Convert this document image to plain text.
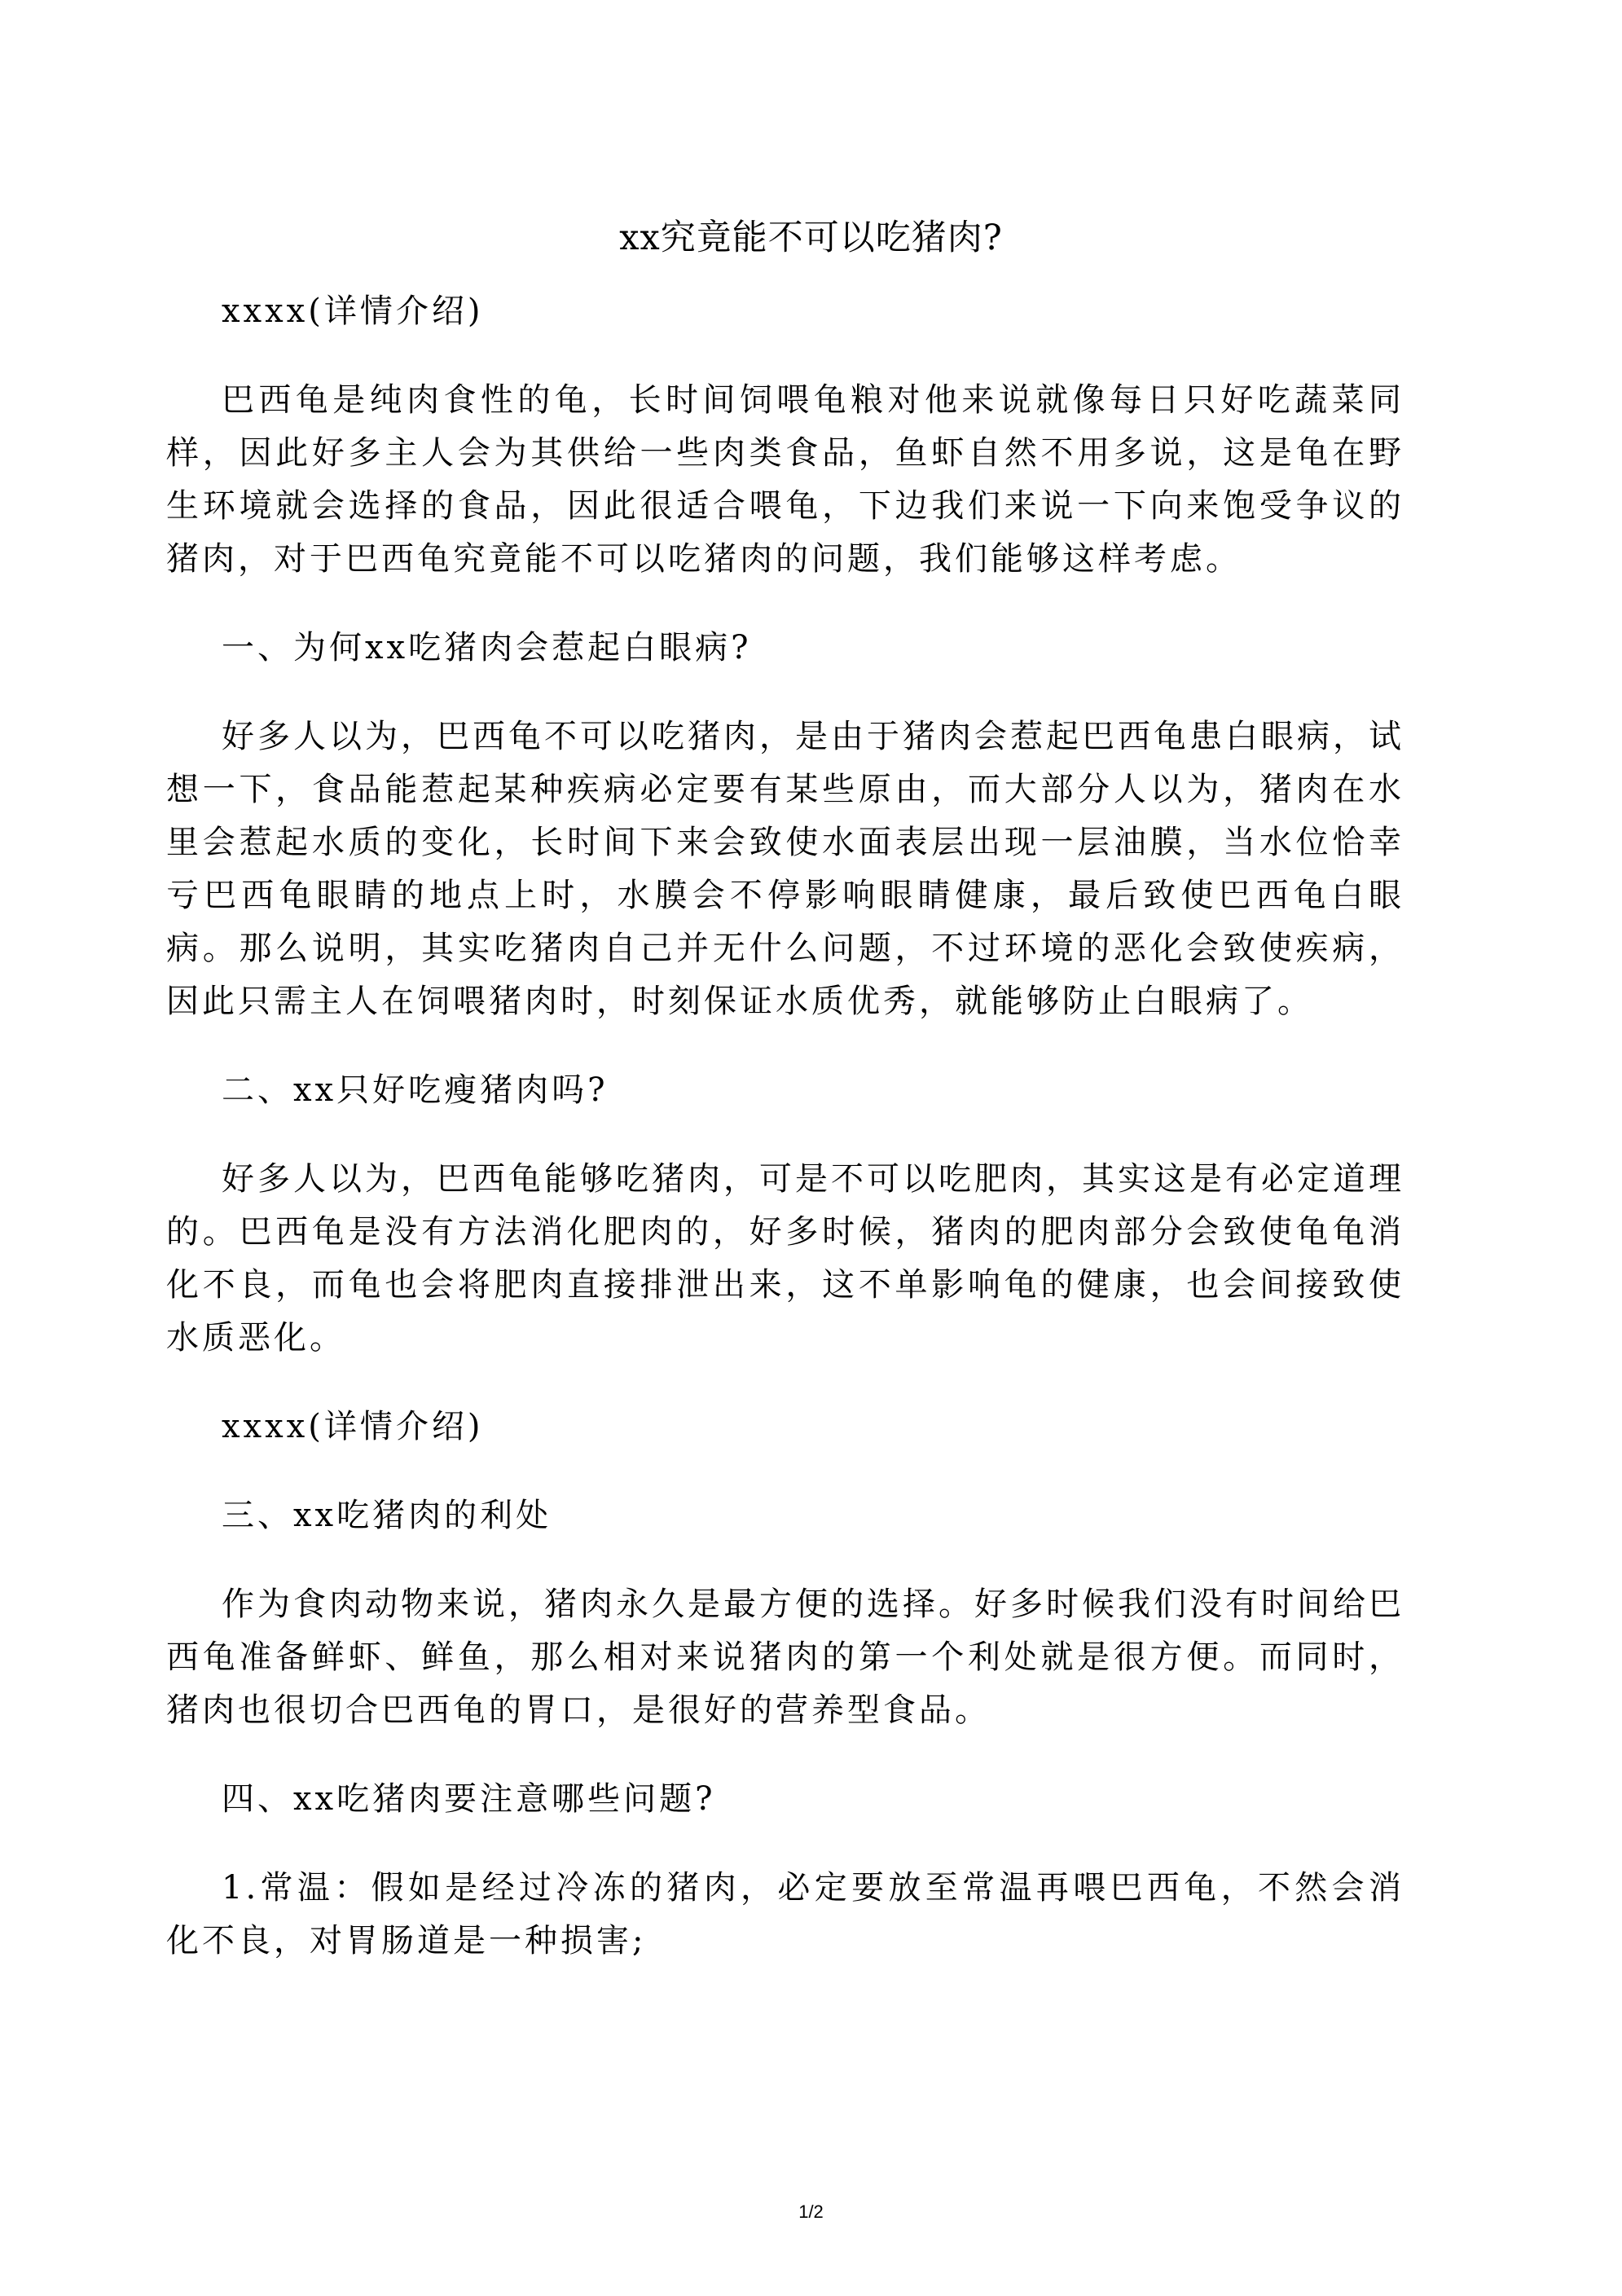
xx究竟能不可以吃猪肉?

xxxx(详情介绍)

巴西龟是纯肉食性的龟，长时间饲喂龟粮对他来说就像每日只好吃蔬菜同样，因此好多主人会为其供给一些肉类食品，鱼虾自然不用多说，这是龟在野生环境就会选择的食品，因此很适合喂龟，下边我们来说一下向来饱受争议的猪肉，对于巴西龟究竟能不可以吃猪肉的问题，我们能够这样考虑。

一、为何xx吃猪肉会惹起白眼病?

好多人以为，巴西龟不可以吃猪肉，是由于猪肉会惹起巴西龟患白眼病，试想一下，食品能惹起某种疾病必定要有某些原由，而大部分人以为，猪肉在水里会惹起水质的变化，长时间下来会致使水面表层出现一层油膜，当水位恰幸亏巴西龟眼睛的地点上时，水膜会不停影响眼睛健康，最后致使巴西龟白眼病。那么说明，其实吃猪肉自己并无什么问题，不过环境的恶化会致使疾病，因此只需主人在饲喂猪肉时，时刻保证水质优秀，就能够防止白眼病了。

二、xx只好吃瘦猪肉吗?

好多人以为，巴西龟能够吃猪肉，可是不可以吃肥肉，其实这是有必定道理的。巴西龟是没有方法消化肥肉的，好多时候，猪肉的肥肉部分会致使龟龟消化不良，而龟也会将肥肉直接排泄出来，这不单影响龟的健康，也会间接致使水质恶化。

xxxx(详情介绍)

三、xx吃猪肉的利处

作为食肉动物来说，猪肉永久是最方便的选择。好多时候我们没有时间给巴西龟准备鲜虾、鲜鱼，那么相对来说猪肉的第一个利处就是很方便。而同时，猪肉也很切合巴西龟的胃口，是很好的营养型食品。

四、xx吃猪肉要注意哪些问题?

1.常温：假如是经过冷冻的猪肉，必定要放至常温再喂巴西龟，不然会消化不良，对胃肠道是一种损害;

1/2
